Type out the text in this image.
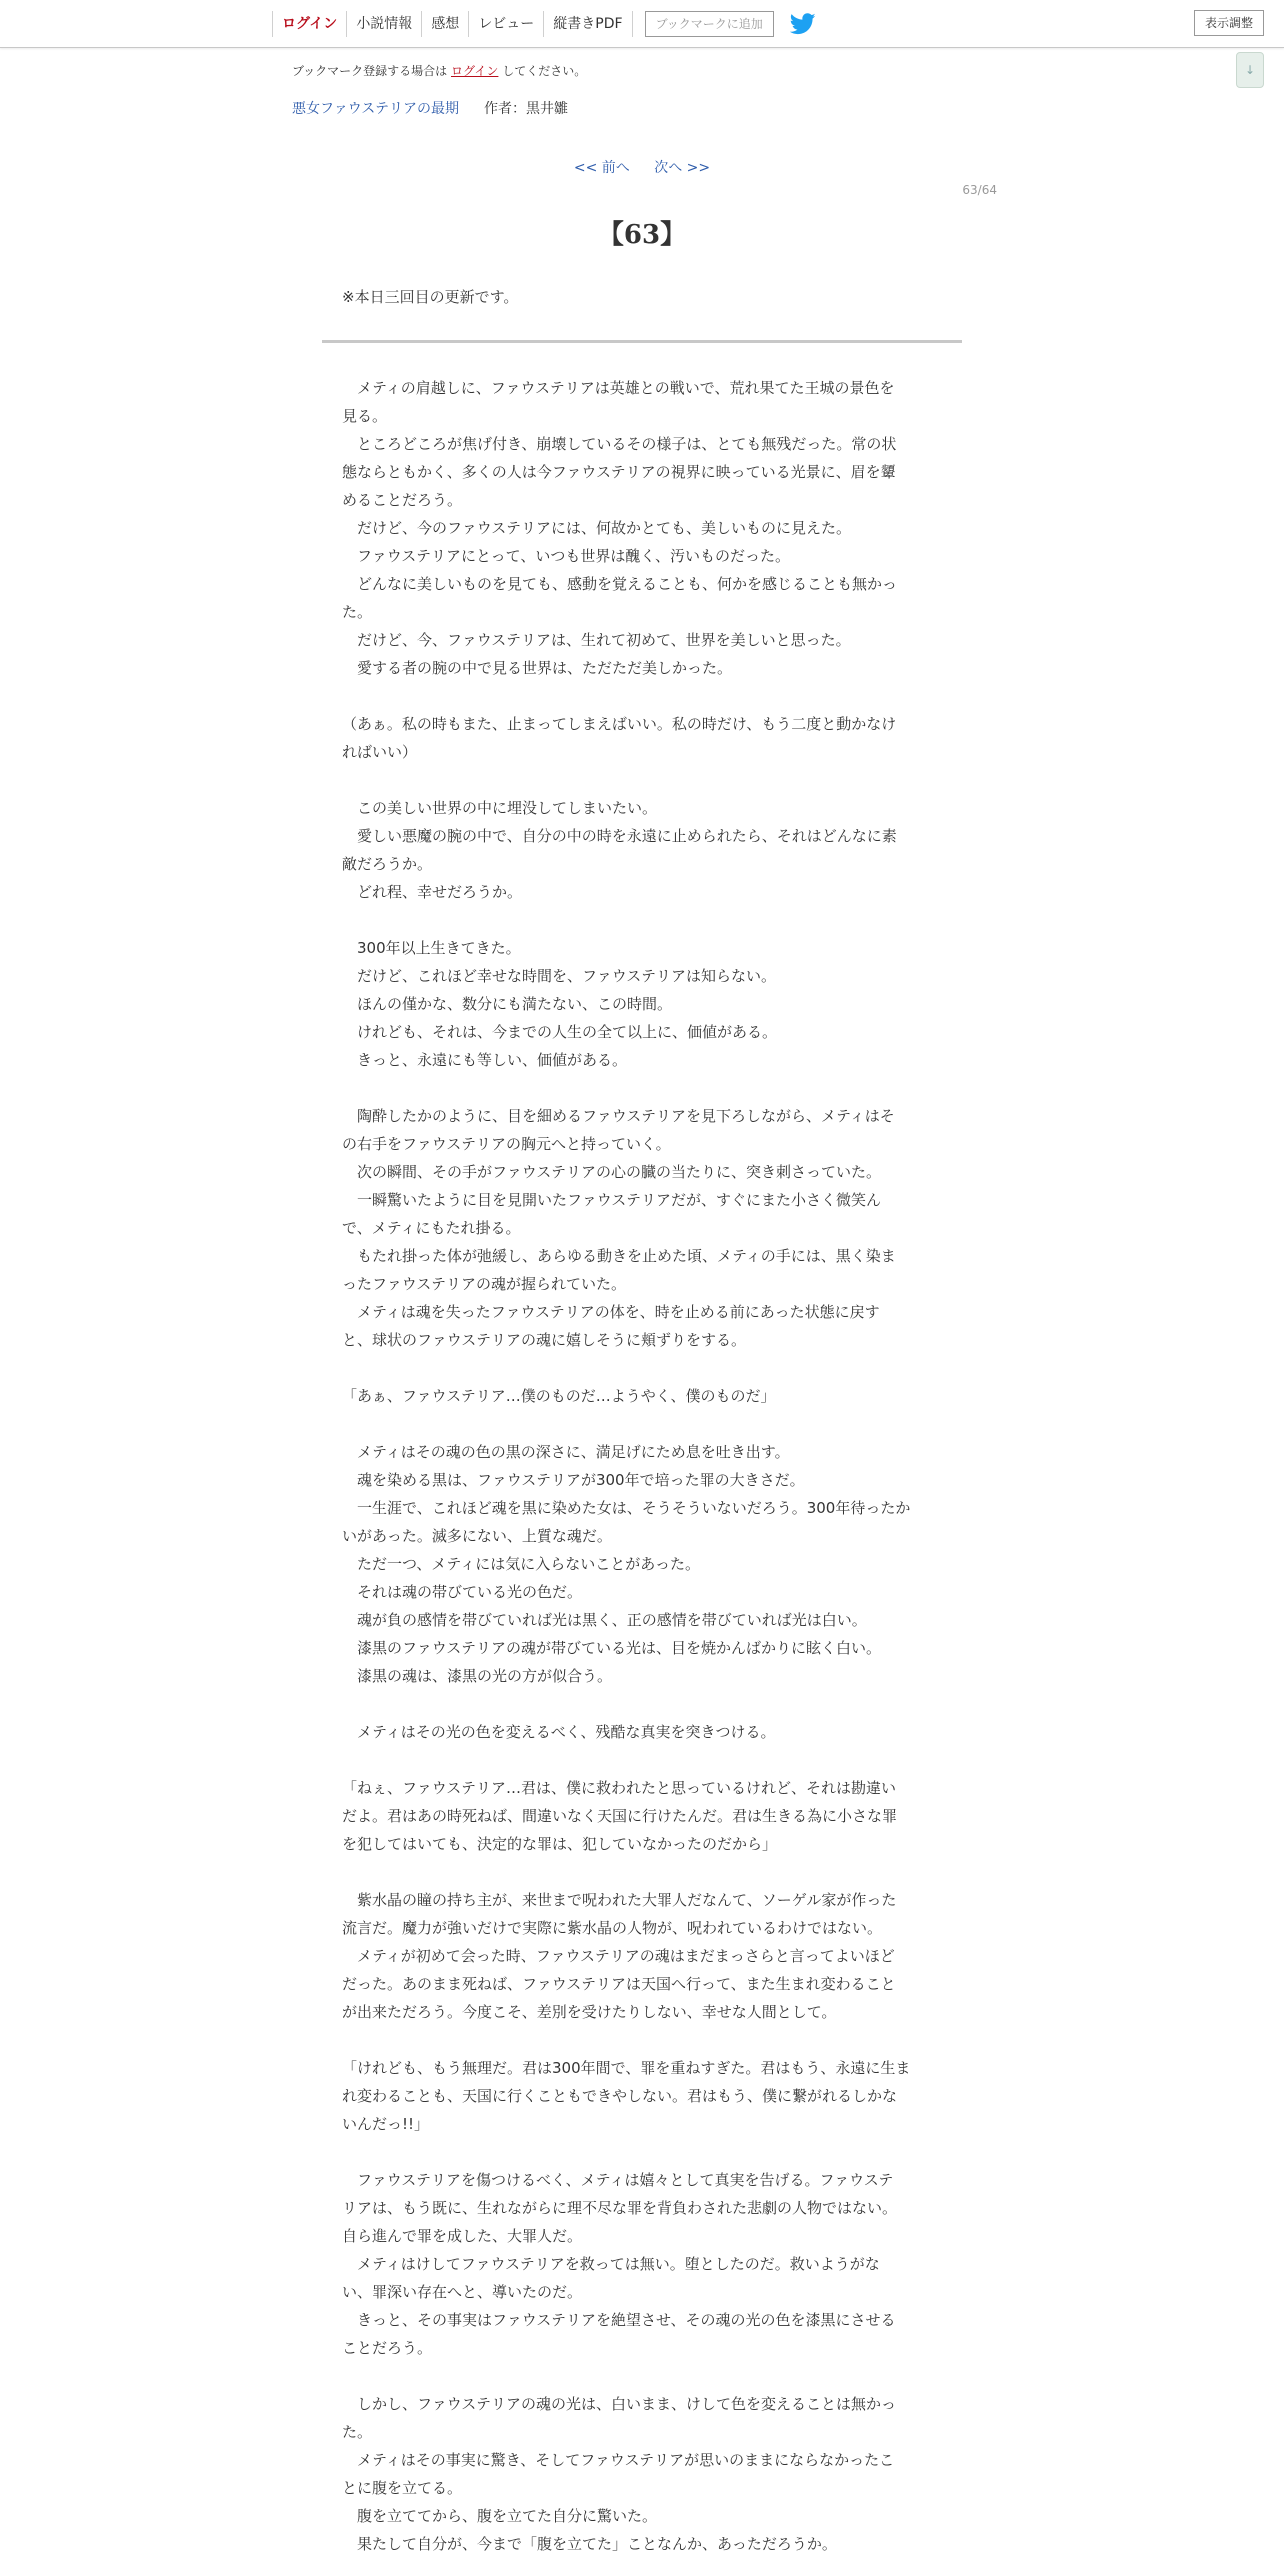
ログイン	小説情報	感想	レビュー	縦書きPDF	ブックマークに追加	表示調整
↓
ブックマーク登録する場合は ログイン してください。
悪女ファウステリアの最期 作者：黒井雛
<< 前へ 次へ >>
63/64
【63】
※本日三回目の更新です。
　メティの肩越しに、ファウステリアは英雄との戦いで、荒れ果てた王城の景色を
見る。
　ところどころが焦げ付き、崩壊しているその様子は、とても無残だった。常の状
態ならともかく、多くの人は今ファウステリアの視界に映っている光景に、眉を顰
めることだろう。
　だけど、今のファウステリアには、何故かとても、美しいものに見えた。
　ファウステリアにとって、いつも世界は醜く、汚いものだった。
　どんなに美しいものを見ても、感動を覚えることも、何かを感じることも無かっ
た。
　だけど、今、ファウステリアは、生れて初めて、世界を美しいと思った。
　愛する者の腕の中で見る世界は、ただただ美しかった。
（あぁ。私の時もまた、止まってしまえばいい。私の時だけ、もう二度と動かなけ
ればいい）
　この美しい世界の中に埋没してしまいたい。
　愛しい悪魔の腕の中で、自分の中の時を永遠に止められたら、それはどんなに素
敵だろうか。
　どれ程、幸せだろうか。
　300年以上生きてきた。
　だけど、これほど幸せな時間を、ファウステリアは知らない。
　ほんの僅かな、数分にも満たない、この時間。
　けれども、それは、今までの人生の全て以上に、価値がある。
　きっと、永遠にも等しい、価値がある。
　陶酔したかのように、目を細めるファウステリアを見下ろしながら、メティはそ
の右手をファウステリアの胸元へと持っていく。
　次の瞬間、その手がファウステリアの心の臓の当たりに、突き刺さっていた。
　一瞬驚いたように目を見開いたファウステリアだが、すぐにまた小さく微笑ん
で、メティにもたれ掛る。
　もたれ掛った体が弛緩し、あらゆる動きを止めた頃、メティの手には、黒く染ま
ったファウステリアの魂が握られていた。
　メティは魂を失ったファウステリアの体を、時を止める前にあった状態に戻す
と、球状のファウステリアの魂に嬉しそうに頬ずりをする。
「あぁ、ファウステリア…僕のものだ…ようやく、僕のものだ」
　メティはその魂の色の黒の深さに、満足げにため息を吐き出す。
　魂を染める黒は、ファウステリアが300年で培った罪の大きさだ。
　一生涯で、これほど魂を黒に染めた女は、そうそういないだろう。300年待ったか
いがあった。滅多にない、上質な魂だ。
　ただ一つ、メティには気に入らないことがあった。
　それは魂の帯びている光の色だ。
　魂が負の感情を帯びていれば光は黒く、正の感情を帯びていれば光は白い。
　漆黒のファウステリアの魂が帯びている光は、目を焼かんばかりに眩く白い。
　漆黒の魂は、漆黒の光の方が似合う。
　メティはその光の色を変えるべく、残酷な真実を突きつける。
「ねぇ、ファウステリア…君は、僕に救われたと思っているけれど、それは勘違い
だよ。君はあの時死ねば、間違いなく天国に行けたんだ。君は生きる為に小さな罪
を犯してはいても、決定的な罪は、犯していなかったのだから」
　紫水晶の瞳の持ち主が、来世まで呪われた大罪人だなんて、ソーゲル家が作った
流言だ。魔力が強いだけで実際に紫水晶の人物が、呪われているわけではない。
　メティが初めて会った時、ファウステリアの魂はまだまっさらと言ってよいほど
だった。あのまま死ねば、ファウステリアは天国へ行って、また生まれ変わること
が出来ただろう。今度こそ、差別を受けたりしない、幸せな人間として。
「けれども、もう無理だ。君は300年間で、罪を重ねすぎた。君はもう、永遠に生ま
れ変わることも、天国に行くこともできやしない。君はもう、僕に繋がれるしかな
いんだっ!!」
　ファウステリアを傷つけるべく、メティは嬉々として真実を告げる。ファウステ
リアは、もう既に、生れながらに理不尽な罪を背負わされた悲劇の人物ではない。
自ら進んで罪を成した、大罪人だ。
　メティはけしてファウステリアを救っては無い。堕としたのだ。救いようがな
い、罪深い存在へと、導いたのだ。
　きっと、その事実はファウステリアを絶望させ、その魂の光の色を漆黒にさせる
ことだろう。
　しかし、ファウステリアの魂の光は、白いまま、けして色を変えることは無かっ
た。
　メティはその事実に驚き、そしてファウステリアが思いのままにならなかったこ
とに腹を立てる。
　腹を立ててから、腹を立てた自分に驚いた。
　果たして自分が、今まで「腹を立てた」ことなんか、あっただろうか。
